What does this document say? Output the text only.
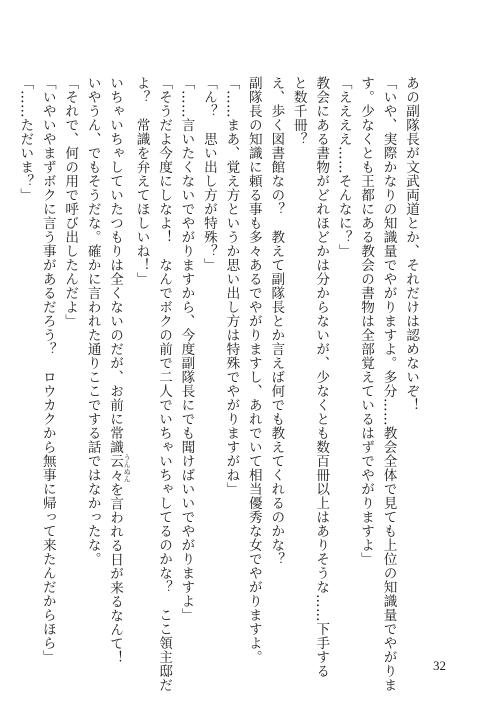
あの副隊長が文武両道とか、それだけは認めないぞ！
「いや、実際かなりの知識量でやがりますよ。多分……教会全体で見ても上位の知識量でやがりま
す。少なくとも王都にある教会の書物は全部覚えているはずでやがりますよ」
「ええええ……そんなに？」
教会にある書物がどれほどかは分からないが、少なくとも数百冊以上はありそうな……下手する
と数千冊？
え、歩く図書館なの？　教えて副隊長とか言えば何でも教えてくれるのかな？
副隊長の知識に頼る事も多々あるでやがりますし、あれでいて相当優秀な女でやがりますよ。
「……まあ、覚え方というか思い出し方は特殊でやがりますがね」
「ん？　思い出し方が特殊？」
「……言いたくないでやがりますから、今度副隊長にでも聞けばいいでやがりますよ」
「そうだよ今度にしなよ！　なんでボクの前で二人でいちゃいちゃしてるのかな？　ここ領主邸だ
よ？　常識を弁えてほしいね！」
いちゃいちゃしていたつもりは全くないのだが、お前に常識云々 うんぬんを言われる日が来るなんて！
いやうん、でもそうだな。確かに言われた通りここでする話ではなかったな。
「それで、何の用で呼び出したんだよ」
「いやいやまずボクに言う事があるだろう？　ロウカクから無事に帰って来たんだからほら」
「……ただいま？」
32
